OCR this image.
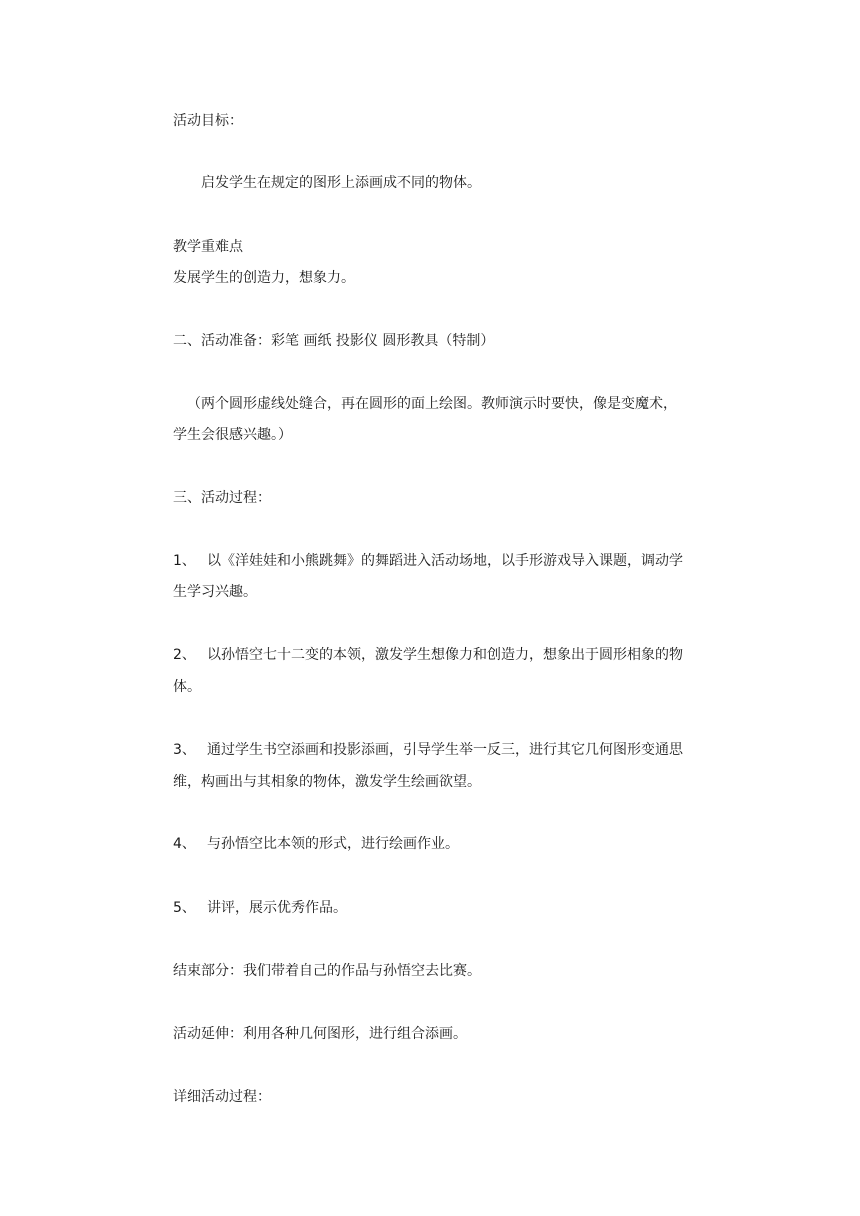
活动目标：
启发学生在规定的图形上添画成不同的物体。
教学重难点
发展学生的创造力，想象力。
二、活动准备：彩笔 画纸 投影仪 圆形教具（特制）
（两个圆形虚线处缝合，再在圆形的面上绘图。教师演示时要快，像是变魔术，
学生会很感兴趣。）
三、活动过程：
1、 以《洋娃娃和小熊跳舞》的舞蹈进入活动场地，以手形游戏导入课题，调动学
生学习兴趣。
2、 以孙悟空七十二变的本领，激发学生想像力和创造力，想象出于圆形相象的物
体。
3、 通过学生书空添画和投影添画，引导学生举一反三，进行其它几何图形变通思
维，构画出与其相象的物体，激发学生绘画欲望。
4、 与孙悟空比本领的形式，进行绘画作业。
5、 讲评，展示优秀作品。
结束部分：我们带着自己的作品与孙悟空去比赛。
活动延伸：利用各种几何图形，进行组合添画。
详细活动过程：
